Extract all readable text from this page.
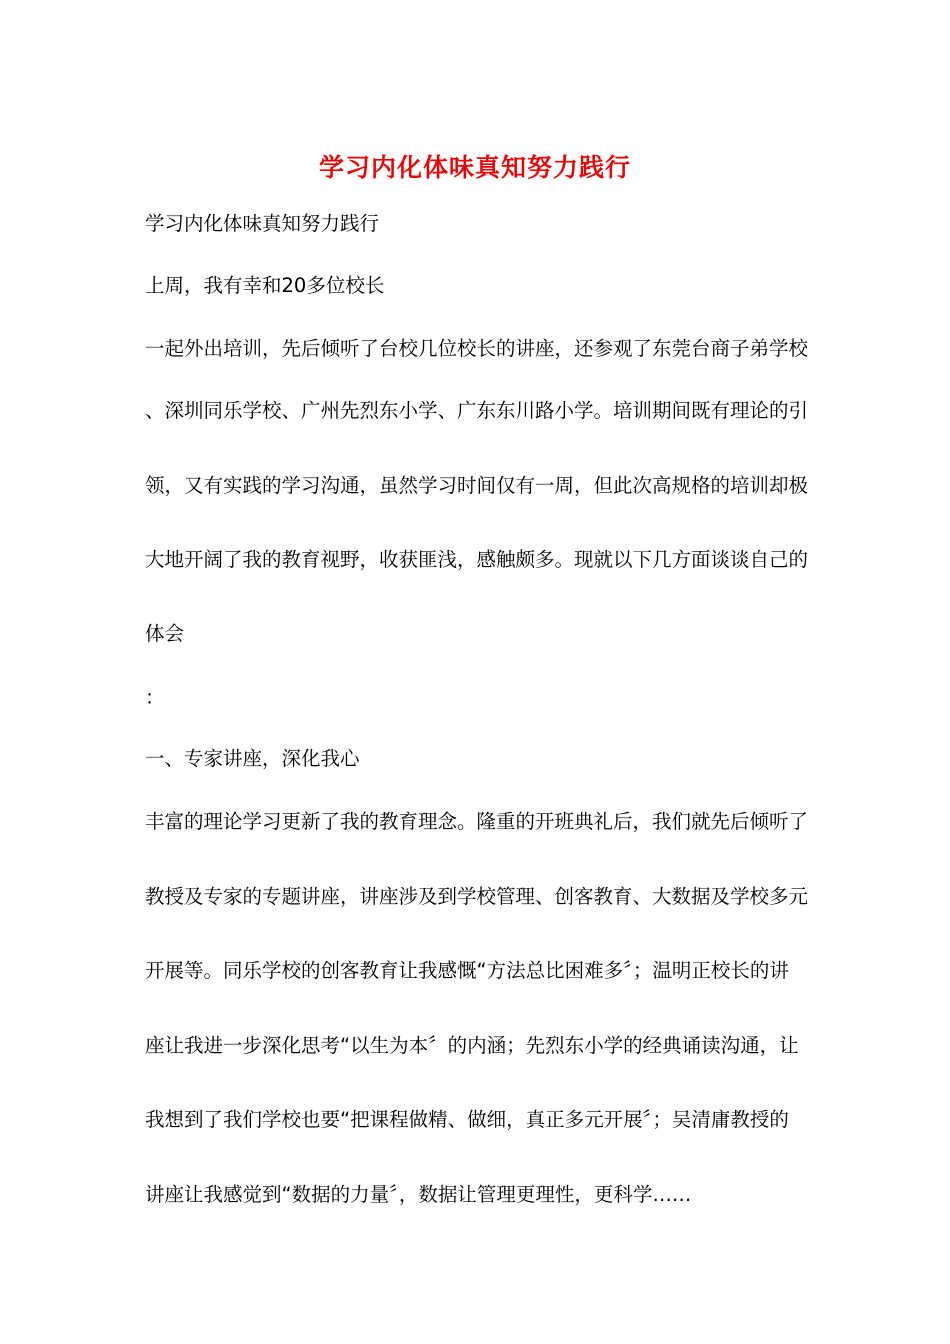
学习内化体味真知努力践行
学习内化体味真知努力践行
上周，我有幸和20多位校长
一起外出培训，先后倾听了台校几位校长的讲座，还参观了东莞台商子弟学校
、深圳同乐学校、广州先烈东小学、广东东川路小学。培训期间既有理论的引
领，又有实践的学习沟通，虽然学习时间仅有一周，但此次高规格的培训却极
大地开阔了我的教育视野，收获匪浅，感触颇多。现就以下几方面谈谈自己的
体会
：
一、专家讲座，深化我心
丰富的理论学习更新了我的教育理念。隆重的开班典礼后，我们就先后倾听了
教授及专家的专题讲座，讲座涉及到学校管理、创客教育、大数据及学校多元
开展等。同乐学校的创客教育让我感慨“方法总比困难多〞；温明正校长的讲
座让我进一步深化思考“以生为本〞的内涵；先烈东小学的经典诵读沟通，让
我想到了我们学校也要“把课程做精、做细，真正多元开展〞；吴清庸教授的
讲座让我感觉到“数据的力量〞，数据让管理更理性，更科学……
